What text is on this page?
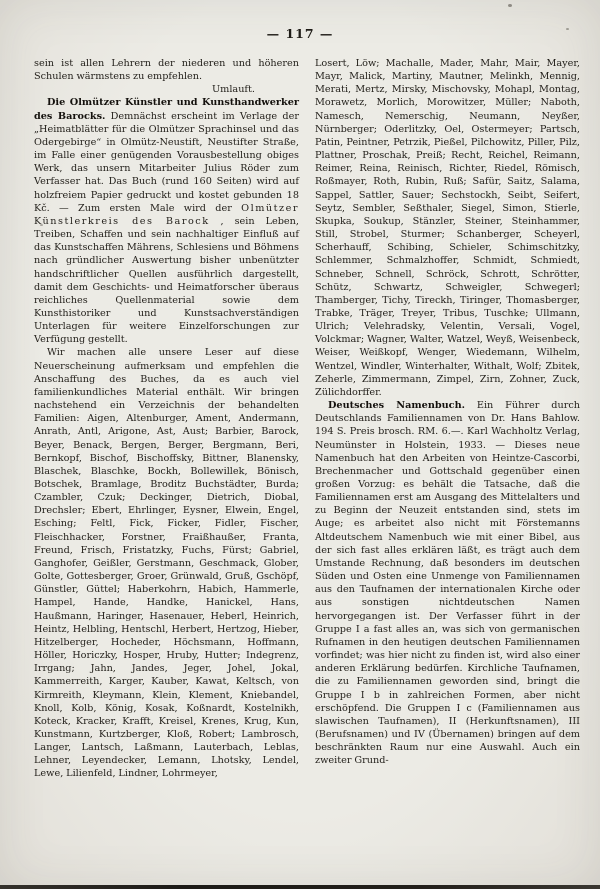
— 117 —

sein ist allen Lehrern der niederen und höheren Schulen wärmstens zu empfehlen.

Umlauft.

Die Olmützer Künstler und Kunsthandwerker des Barocks. Demnächst erscheint im Verlage der „Heimatblätter für die Olmützer Sprachinsel und das Odergebirge“ in Olmütz-Neustift, Neustifter Straße, im Falle einer genügenden Vorausbestellung obiges Werk, das unsern Mitarbeiter Julius Röder zum Verfasser hat. Das Buch (rund 160 Seiten) wird auf holzfreiem Papier gedruckt und kostet gebunden 18 Kč. — Zum ersten Male wird der Olmützer Künstlerkreis des Barock , sein Leben, Treiben, Schaffen und sein nachhaltiger Einfluß auf das Kunstschaffen Mährens, Schlesiens und Böhmens nach gründlicher Auswertung bisher unbenützter handschriftlicher Quellen ausführlich dargestellt, damit dem Geschichts- und Heimatforscher überaus reichliches Quellenmaterial sowie dem Kunsthistoriker und Kunstsachverständigen Unterlagen für weitere Einzelforschungen zur Verfügung gestellt.

Wir machen alle unsere Leser auf diese Neuerscheinung aufmerksam und empfehlen die Anschaffung des Buches, da es auch viel familienkundliches Material enthält. Wir bringen nachstehend ein Verzeichnis der behandelten Familien: Aigen, Altenburger, Ament, Andermann, Anrath, Antl, Arigone, Ast, Aust; Barbier, Barock, Beyer, Benack, Bergen, Berger, Bergmann, Beri, Bernkopf, Bischof, Bischoffsky, Bittner, Blanensky, Blaschek, Blaschke, Bockh, Bollewillek, Bönisch, Botschek, Bramlage, Broditz Buchstädter, Burda; Czambler, Czuk; Deckinger, Dietrich, Diobal, Drechsler; Ebert, Ehrlinger, Eysner, Elwein, Engel, Esching; Feltl, Fick, Ficker, Fidler, Fischer, Fleischhacker, Forstner, Fraißhaußer, Franta, Freund, Frisch, Fristatzky, Fuchs, Fürst; Gabriel, Ganghofer, Geißler, Gerstmann, Geschmack, Glober, Golte, Gottesberger, Groer, Grünwald, Gruß, Gschöpf, Günstler, Güttel; Haberkohrn, Habich, Hammerle, Hampel, Hande, Handke, Hanickel, Hans, Haußmann, Haringer, Hasenauer, Heberl, Heinrich, Heintz, Helbling, Hentschl, Herbert, Hertzog, Hieber, Hitzelberger, Hocheder, Höchsmann, Hoffmann, Höller, Horiczky, Hosper, Hruby, Hutter; Indegrenz, Irrgang; Jahn, Jandes, Jeger, Johel, Jokal, Kammerreith, Karger, Kauber, Kawat, Keltsch, von Kirmreith, Kleymann, Klein, Klement, Kniebandel, Knoll, Kolb, König, Kosak, Koßnardt, Kostelnikh, Koteck, Kracker, Krafft, Kreisel, Krenes, Krug, Kun, Kunstmann, Kurtzberger, Kloß, Robert; Lambrosch, Langer, Lantsch, Laßmann, Lauterbach, Leblas, Lehner, Leyendecker, Lemann, Lhotsky, Lendel, Lewe, Lilienfeld, Lindner, Lohrmeyer,

Losert, Löw; Machalle, Mader, Mahr, Mair, Mayer, Mayr, Malick, Martiny, Mautner, Melinkh, Mennig, Merati, Mertz, Mirsky, Mischovsky, Mohapl, Montag, Morawetz, Morlich, Morowitzer, Müller; Naboth, Namesch, Nemerschig, Neumann, Neyßer, Nürnberger; Oderlitzky, Oel, Ostermeyer; Partsch, Patin, Peintner, Petrzik, Pießel, Pilchowitz, Piller, Pilz, Plattner, Proschak, Preiß; Recht, Reichel, Reimann, Reimer, Reina, Reinisch, Richter, Riedel, Römisch, Roßmayer, Roth, Rubin, Ruß; Safür, Saitz, Salama, Sappel, Sattler, Sauer; Sechstockh, Seibt, Seifert, Seytz, Sembler, Seßthaler, Siegel, Simon, Stierle, Skupka, Soukup, Stänzler, Steiner, Steinhammer, Still, Strobel, Sturmer; Schanberger, Scheyerl, Scherhauff, Schibing, Schieler, Schimschitzky, Schlemmer, Schmalzhoffer, Schmidt, Schmiedt, Schneber, Schnell, Schröck, Schrott, Schrötter, Schütz, Schwartz, Schweigler, Schwegerl; Thamberger, Tichy, Tireckh, Tiringer, Thomasberger, Trabke, Träger, Treyer, Tribus, Tuschke; Ullmann, Ulrich; Velehradsky, Velentin, Versali, Vogel, Volckmar; Wagner, Walter, Watzel, Weyß, Weisenbeck, Weiser, Weißkopf, Wenger, Wiedemann, Wilhelm, Wentzel, Windler, Winterhalter, Withalt, Wolf; Zbitek, Zeherle, Zimmermann, Zimpel, Zirn, Zohner, Zuck, Zülichdorffer.

Deutsches Namenbuch. Ein Führer durch Deutschlands Familiennamen von Dr. Hans Bahlow. 194 S. Preis brosch. RM. 6.—. Karl Wachholtz Verlag, Neumünster in Holstein, 1933. — Dieses neue Namenbuch hat den Arbeiten von Heintze-Cascorbi, Brechenmacher und Gottschald gegenüber einen großen Vorzug: es behält die Tatsache, daß die Familiennamen erst am Ausgang des Mittelalters und zu Beginn der Neuzeit entstanden sind, stets im Auge; es arbeitet also nicht mit Förstemanns Altdeutschem Namenbuch wie mit einer Bibel, aus der sich fast alles erklären läßt, es trägt auch dem Umstande Rechnung, daß besonders im deutschen Süden und Osten eine Unmenge von Familiennamen aus den Taufnamen der internationalen Kirche oder aus sonstigen nichtdeutschen Namen hervorgegangen ist. Der Verfasser führt in der Gruppe I a fast alles an, was sich von germanischen Rufnamen in den heutigen deutschen Familiennamen vorfindet; was hier nicht zu finden ist, wird also einer anderen Erklärung bedürfen. Kirchliche Taufnamen, die zu Familiennamen geworden sind, bringt die Gruppe I b in zahlreichen Formen, aber nicht erschöpfend. Die Gruppen I c (Familiennamen aus slawischen Taufnamen), II (Herkunftsnamen), III (Berufsnamen) und IV (Übernamen) bringen auf dem beschränkten Raum nur eine Auswahl. Auch ein zweiter Grund-
